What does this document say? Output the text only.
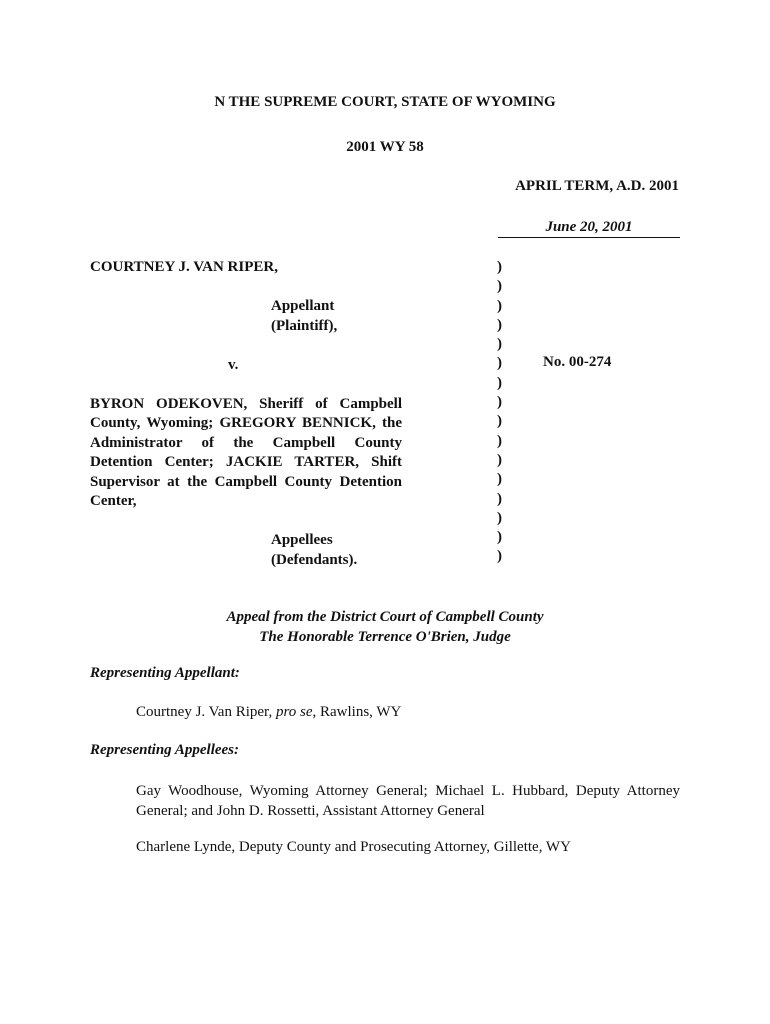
N THE SUPREME COURT, STATE OF WYOMING
2001 WY 58
APRIL TERM, A.D. 2001
June 20, 2001

COURTNEY J. VAN RIPER,

Appellant

(Plaintiff),

v.

BYRON ODEKOVEN, Sheriff of Campbell County, Wyoming; GREGORY BENNICK, the Administrator of the Campbell County Detention Center; JACKIE TARTER, Shift Supervisor at the Campbell County Detention Center,

Appellees

(Defendants).

)
)
)
)
)
)
)
)
)
)
)
)
)
)
)
)
No. 00-274
Appeal from the District Court of Campbell County
The Honorable Terrence O'Brien, Judge
Representing Appellant:
Courtney J. Van Riper, pro se, Rawlins, WY
Representing Appellees:
Gay Woodhouse, Wyoming Attorney General; Michael L. Hubbard, Deputy Attorney General; and John D. Rossetti, Assistant Attorney General
Charlene Lynde, Deputy County and Prosecuting Attorney, Gillette, WY
